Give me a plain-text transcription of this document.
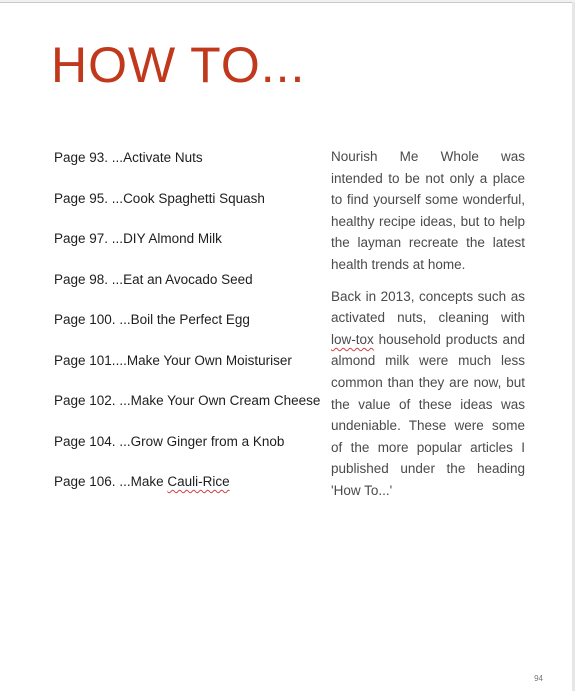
HOW TO...
Page 93. ...Activate Nuts
Page 95. ...Cook Spaghetti Squash
Page 97. ...DIY Almond Milk
Page 98. ...Eat an Avocado Seed
Page 100. ...Boil the Perfect Egg
Page 101....Make Your Own Moisturiser
Page 102. ...Make Your Own Cream Cheese
Page 104. ...Grow Ginger from a Knob
Page 106. ...Make Cauli-Rice

Nourish Me Whole was intended to be not only a place to find yourself some wonderful, healthy recipe ideas, but to help the layman recreate the latest health trends at home.

Back in 2013, concepts such as activated nuts, cleaning with low-tox household products and almond milk were much less common than they are now, but the value of these ideas was undeniable. These were some of the more popular articles I published under the heading 'How To...'

94
